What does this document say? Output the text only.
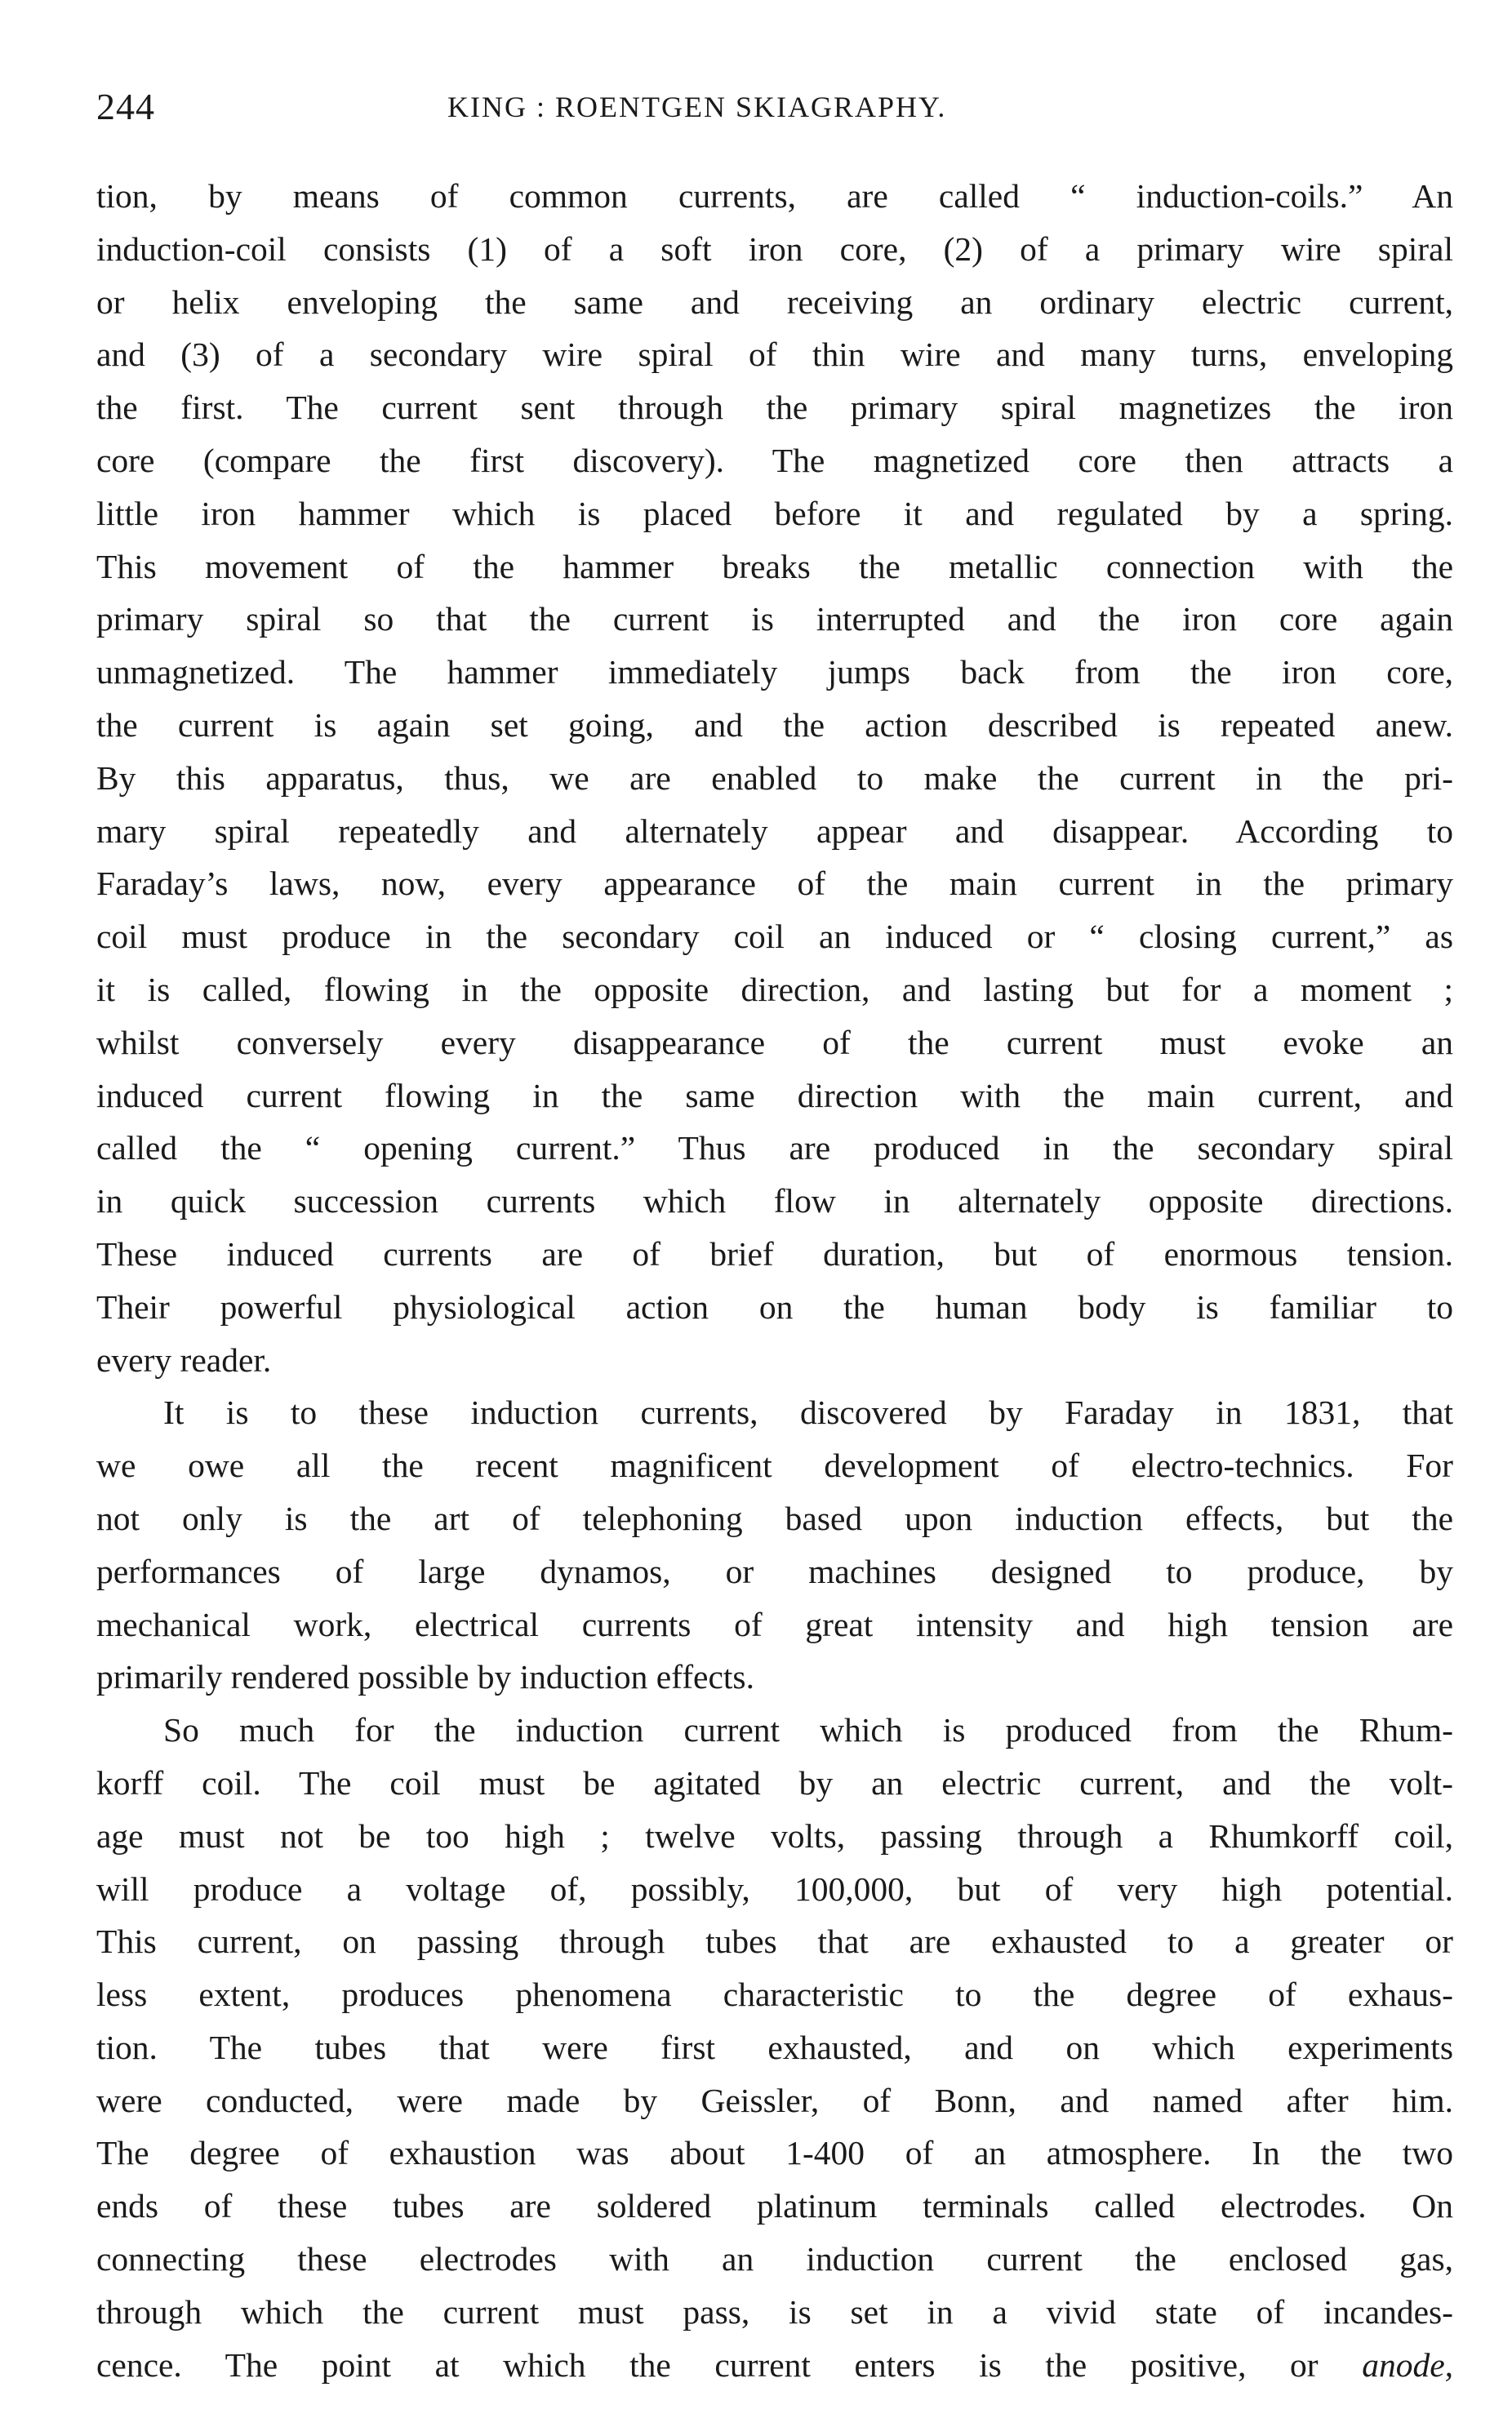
244	KING : ROENTGEN SKIAGRAPHY.
tion, by means of common currents, are called “ induction-coils.” An
induction-coil consists (1) of a soft iron core, (2) of a primary wire spiral
or helix enveloping the same and receiving an ordinary electric current,
and (3) of a secondary wire spiral of thin wire and many turns, enveloping
the first. The current sent through the primary spiral magnetizes the iron
core (compare the first discovery). The magnetized core then attracts a
little iron hammer which is placed before it and regulated by a spring.
This movement of the hammer breaks the metallic connection with the
primary spiral so that the current is interrupted and the iron core again
unmagnetized. The hammer immediately jumps back from the iron core,
the current is again set going, and the action described is repeated anew.
By this apparatus, thus, we are enabled to make the current in the pri-
mary spiral repeatedly and alternately appear and disappear. According to
Faraday’s laws, now, every appearance of the main current in the primary
coil must produce in the secondary coil an induced or “ closing current,” as
it is called, flowing in the opposite direction, and lasting but for a moment ;
whilst conversely every disappearance of the current must evoke an
induced current flowing in the same direction with the main current, and
called the “ opening current.” Thus are produced in the secondary spiral
in quick succession currents which flow in alternately opposite directions.
These induced currents are of brief duration, but of enormous tension.
Their powerful physiological action on the human body is familiar to
every reader.
It is to these induction currents, discovered by Faraday in 1831, that
we owe all the recent magnificent development of electro-technics. For
not only is the art of telephoning based upon induction effects, but the
performances of large dynamos, or machines designed to produce, by
mechanical work, electrical currents of great intensity and high tension are
primarily rendered possible by induction effects.
So much for the induction current which is produced from the Rhum-
korff coil. The coil must be agitated by an electric current, and the volt-
age must not be too high ; twelve volts, passing through a Rhumkorff coil,
will produce a voltage of, possibly, 100,000, but of very high potential.
This current, on passing through tubes that are exhausted to a greater or
less extent, produces phenomena characteristic to the degree of exhaus-
tion. The tubes that were first exhausted, and on which experiments
were conducted, were made by Geissler, of Bonn, and named after him.
The degree of exhaustion was about 1-400 of an atmosphere. In the two
ends of these tubes are soldered platinum terminals called electrodes. On
connecting these electrodes with an induction current the enclosed gas,
through which the current must pass, is set in a vivid state of incandes-
cence. The point at which the current enters is the positive, or anode,
